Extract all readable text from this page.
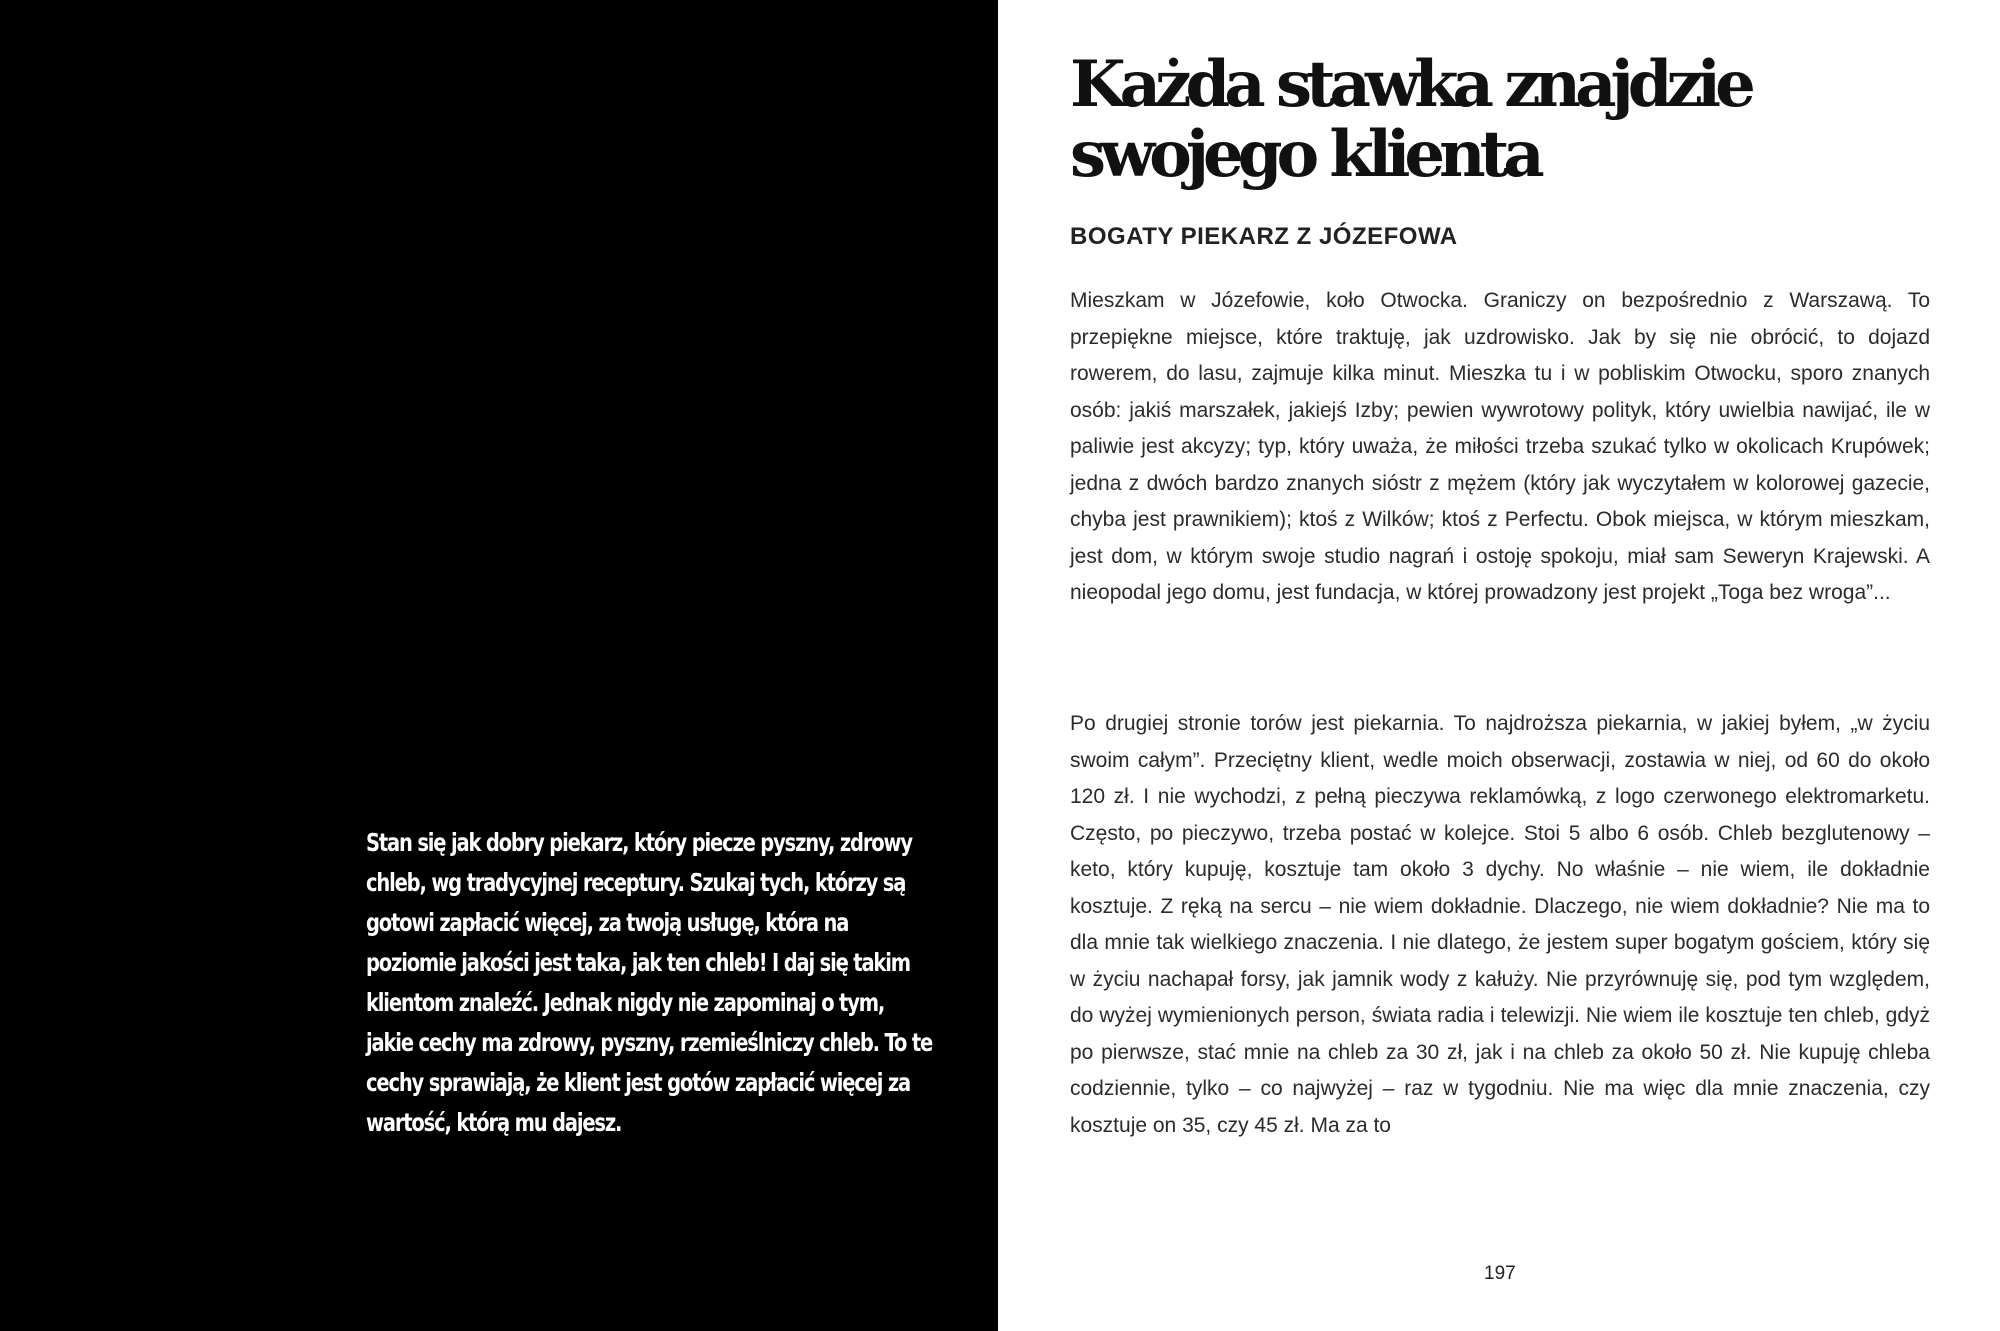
Stan się jak dobry piekarz, który piecze pyszny, zdrowy chleb, wg tradycyjnej receptury. Szukaj tych, którzy są gotowi zapłacić więcej, za twoją usługę, która na poziomie jakości jest taka, jak ten chleb! I daj się takim klientom znaleźć. Jednak nigdy nie zapominaj o tym, jakie cechy ma zdrowy, pyszny, rzemieślniczy chleb. To te cechy sprawiają, że klient jest gotów zapłacić więcej za wartość, którą mu dajesz.

Każda stawka znajdzie swojego klienta
BOGATY PIEKARZ Z JÓZEFOWA

Mieszkam w Józefowie, koło Otwocka. Graniczy on bezpośrednio z Warszawą. To przepiękne miejsce, które traktuję, jak uzdrowisko. Jak by się nie obrócić, to dojazd rowerem, do lasu, zajmuje kilka minut. Mieszka tu i w pobliskim Otwocku, sporo znanych osób: jakiś marszałek, jakiejś Izby; pewien wywrotowy polityk, który uwielbia nawijać, ile w paliwie jest akcyzy; typ, który uważa, że miłości trzeba szukać tylko w okolicach Krupówek; jedna z dwóch bardzo znanych sióstr z mężem (który jak wyczytałem w kolorowej gazecie, chyba jest prawnikiem); ktoś z Wilków; ktoś z Perfectu. Obok miejsca, w którym mieszkam, jest dom, w którym swoje studio nagrań i ostoję spokoju, miał sam Seweryn Krajewski. A nieopodal jego domu, jest fundacja, w której prowadzony jest projekt „Toga bez wroga”...

Po drugiej stronie torów jest piekarnia. To najdroższa piekarnia, w jakiej byłem, „w życiu swoim całym”. Przeciętny klient, wedle moich obserwacji, zostawia w niej, od 60 do około 120 zł. I nie wychodzi, z pełną pieczywa reklamówką, z logo czerwonego elektromarketu. Często, po pieczywo, trzeba postać w kolejce. Stoi 5 albo 6 osób. Chleb bezglutenowy – keto, który kupuję, kosztuje tam około 3 dychy. No właśnie – nie wiem, ile dokładnie kosztuje. Z ręką na sercu – nie wiem dokładnie. Dlaczego, nie wiem dokładnie? Nie ma to dla mnie tak wielkiego znaczenia. I nie dlatego, że jestem super bogatym gościem, który się w życiu nachapał forsy, jak jamnik wody z kałuży. Nie przyrównuję się, pod tym względem, do wyżej wymienionych person, świata radia i telewizji. Nie wiem ile kosztuje ten chleb, gdyż po pierwsze, stać mnie na chleb za 30 zł, jak i na chleb za około 50 zł. Nie kupuję chleba codziennie, tylko – co najwyżej – raz w tygodniu. Nie ma więc dla mnie znaczenia, czy kosztuje on 35, czy 45 zł. Ma za to

197
